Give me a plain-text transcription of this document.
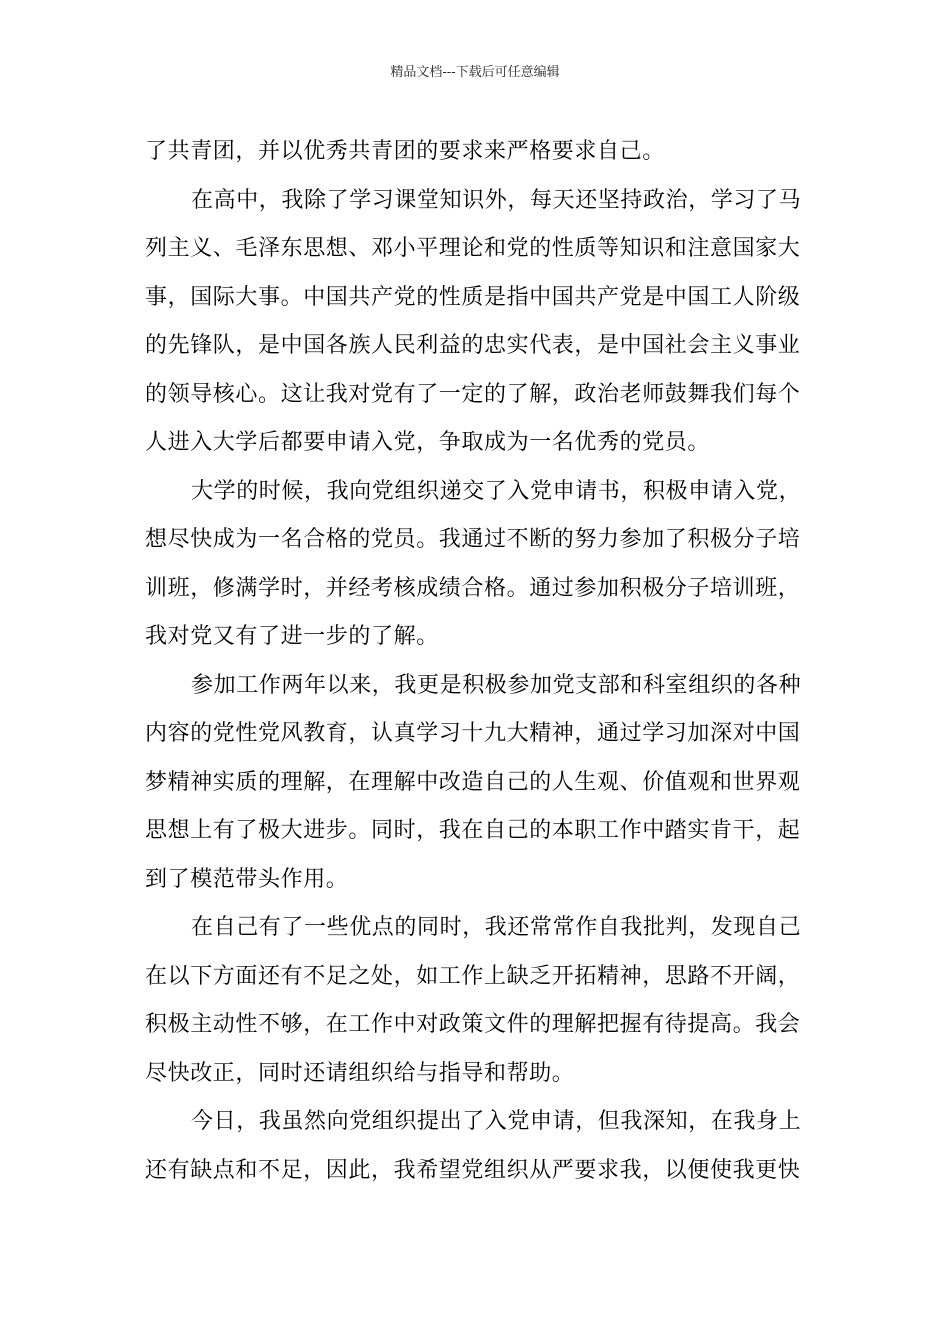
精品文档---下载后可任意编辑
了共青团，并以优秀共青团的要求来严格要求自己。
在高中，我除了学习课堂知识外，每天还坚持政治，学习了马
列主义、毛泽东思想、邓小平理论和党的性质等知识和注意国家大
事，国际大事。中国共产党的性质是指中国共产党是中国工人阶级
的先锋队，是中国各族人民利益的忠实代表，是中国社会主义事业
的领导核心。这让我对党有了一定的了解，政治老师鼓舞我们每个
人进入大学后都要申请入党，争取成为一名优秀的党员。
大学的时候，我向党组织递交了入党申请书，积极申请入党，
想尽快成为一名合格的党员。我通过不断的努力参加了积极分子培
训班，修满学时，并经考核成绩合格。通过参加积极分子培训班，
我对党又有了进一步的了解。
参加工作两年以来，我更是积极参加党支部和科室组织的各种
内容的党性党风教育，认真学习十九大精神，通过学习加深对中国
梦精神实质的理解，在理解中改造自己的人生观、价值观和世界观
思想上有了极大进步。同时，我在自己的本职工作中踏实肯干，起
到了模范带头作用。
在自己有了一些优点的同时，我还常常作自我批判，发现自己
在以下方面还有不足之处，如工作上缺乏开拓精神，思路不开阔，
积极主动性不够，在工作中对政策文件的理解把握有待提高。我会
尽快改正，同时还请组织给与指导和帮助。
今日，我虽然向党组织提出了入党申请，但我深知，在我身上
还有缺点和不足，因此，我希望党组织从严要求我，以便使我更快
